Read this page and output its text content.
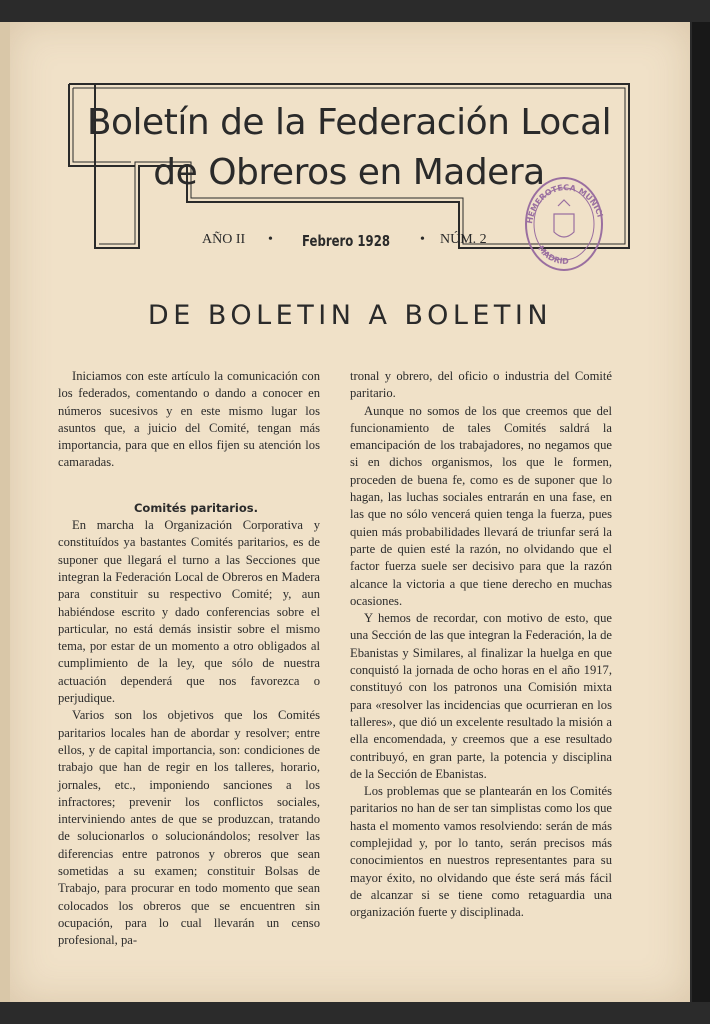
Boletín de la Federación Local
de Obreros en Madera
AÑO II • Febrero 1928 • NÚM. 2
HEMEROTECA MUNICI
MADRID
DE BOLETIN A BOLETIN

Iniciamos con este artículo la comunicación con los federados, comentando o dando a conocer en números sucesivos y en este mismo lugar los asuntos que, a juicio del Comité, tengan más importancia, para que en ellos fijen su atención los camaradas.

Comités paritarios.

En marcha la Organización Corporativa y constituídos ya bastantes Comités paritarios, es de suponer que llegará el turno a las Secciones que integran la Federación Local de Obreros en Madera para constituir su respectivo Comité; y, aun habiéndose escrito y dado conferencias sobre el particular, no está demás insistir sobre el mismo tema, por estar de un momento a otro obligados al cumplimiento de la ley, que sólo de nuestra actuación dependerá que nos favorezca o perjudique.

Varios son los objetivos que los Comités paritarios locales han de abordar y resolver; entre ellos, y de capital importancia, son: condiciones de trabajo que han de regir en los talleres, horario, jornales, etc., imponiendo sanciones a los infractores; prevenir los conflictos sociales, interviniendo antes de que se produzcan, tratando de solucionarlos o solucionándolos; resolver las diferencias entre patronos y obreros que sean sometidas a su examen; constituir Bolsas de Trabajo, para procurar en todo momento que sean colocados los obreros que se encuentren sin ocupación, para lo cual llevarán un censo profesional, pa-

tronal y obrero, del oficio o industria del Comité paritario.

Aunque no somos de los que creemos que del funcionamiento de tales Comités saldrá la emancipación de los trabajadores, no negamos que si en dichos organismos, los que le formen, proceden de buena fe, como es de suponer que lo hagan, las luchas sociales entrarán en una fase, en las que no sólo vencerá quien tenga la fuerza, pues quien más probabilidades llevará de triunfar será la parte de quien esté la razón, no olvidando que el factor fuerza suele ser decisivo para que la razón alcance la victoria a que tiene derecho en muchas ocasiones.

Y hemos de recordar, con motivo de esto, que una Sección de las que integran la Federación, la de Ebanistas y Similares, al finalizar la huelga en que conquistó la jornada de ocho horas en el año 1917, constituyó con los patronos una Comisión mixta para «resolver las incidencias que ocurrieran en los talleres», que dió un excelente resultado la misión a ella encomendada, y creemos que a ese resultado contribuyó, en gran parte, la potencia y disciplina de la Sección de Ebanistas.

Los problemas que se plantearán en los Comités paritarios no han de ser tan simplistas como los que hasta el momento vamos resolviendo: serán de más complejidad y, por lo tanto, serán precisos más conocimientos en nuestros representantes para su mayor éxito, no olvidando que éste será más fácil de alcanzar si se tiene como retaguardia una organización fuerte y disciplinada.
